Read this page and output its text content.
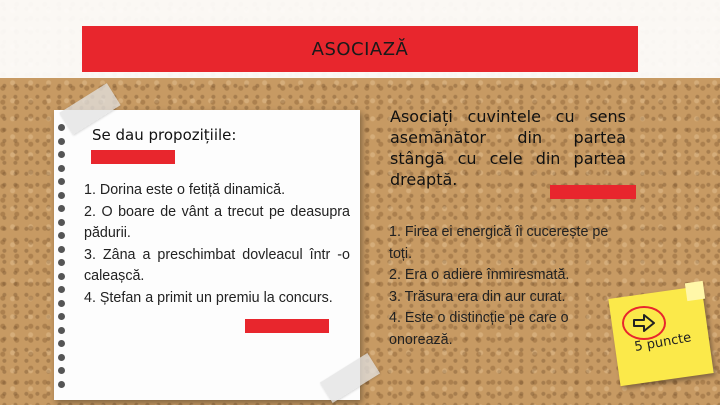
ASOCIAZĂ
Se dau propozițiile:
1. Dorina este o fetiță dinamică.
2. O boare de vânt a trecut pe deasupra pădurii.
3. Zâna a preschimbat dovleacul într -o caleașcă.
4. Ștefan a primit un premiu la concurs.
Asociați cuvintele cu sens asemănător din partea stângă cu cele din partea dreaptă.
1. Firea ei energică îi cucerește pe toți.
2. Era o adiere înmiresmată.
3. Trăsura era din aur curat.
4. Este o distincție pe care o onorează.	5 puncte
